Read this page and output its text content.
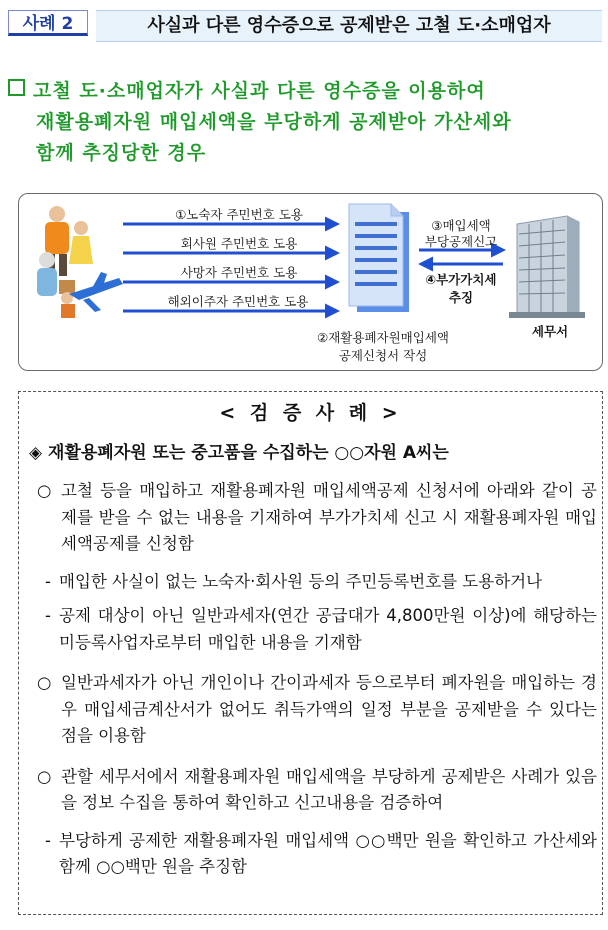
사례 2	사실과 다른 영수증으로 공제받은 고철 도·소매업자
고철 도·소매업자가 사실과 다른 영수증을 이용하여
재활용폐자원 매입세액을 부당하게 공제받아 가산세와
함께 추징당한 경우
①노숙자 주민번호 도용
회사원 주민번호 도용
사망자 주민번호 도용
해외이주자 주민번호 도용
②재활용폐자원매입세액
공제신청서 작성
③매입세액
부당공제신고
④부가가치세
추징
세무서
< 검 증 사 례 >
◈ 재활용폐자원 또는 중고품을 수집하는 ○○자원 A씨는
○ 고철 등을 매입하고 재활용폐자원 매입세액공제 신청서에 아래와 같이 공제를 받을 수 없는 내용을 기재하여 부가가치세 신고 시 재활용폐자원 매입세액공제를 신청함
- 매입한 사실이 없는 노숙자·회사원 등의 주민등록번호를 도용하거나
- 공제 대상이 아닌 일반과세자(연간 공급대가 4,800만원 이상)에 해당하는 미등록사업자로부터 매입한 내용을 기재함
○ 일반과세자가 아닌 개인이나 간이과세자 등으로부터 폐자원을 매입하는 경우 매입세금계산서가 없어도 취득가액의 일정 부분을 공제받을 수 있다는 점을 이용함
○ 관할 세무서에서 재활용폐자원 매입세액을 부당하게 공제받은 사례가 있음을 정보 수집을 통하여 확인하고 신고내용을 검증하여
- 부당하게 공제한 재활용폐자원 매입세액 ○○백만 원을 확인하고 가산세와 함께 ○○백만 원을 추징함
